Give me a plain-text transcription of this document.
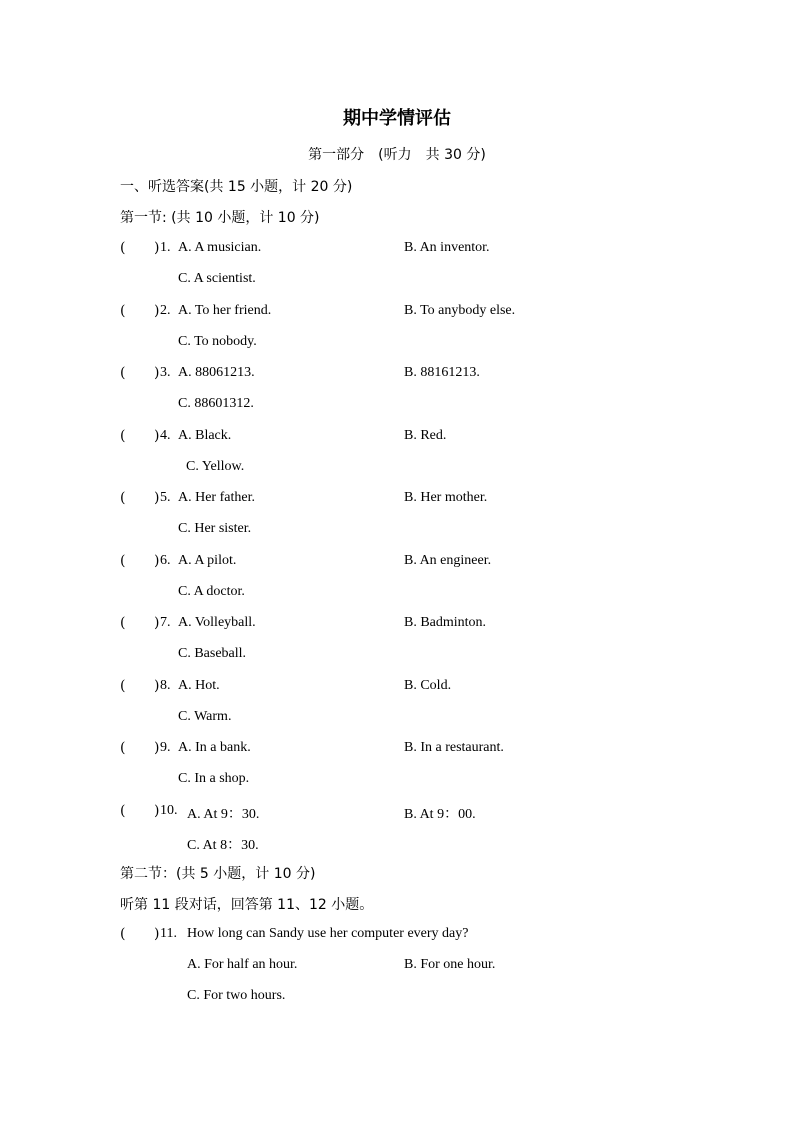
期中学情评估
第一部分　(听力　共 30 分)
一、听选答案(共 15 小题，计 20 分)
第一节: (共 10 小题，计 10 分)
( ) 1. A. A musician.	B. An inventor.
C. A scientist.
( ) 2. A. To her friend.	B. To anybody else.
C. To nobody.
( ) 3. A. 88061213.	B. 88161213.
C. 88601312.
( ) 4. A. Black.	B. Red.
C. Yellow.
( ) 5. A. Her father.	B. Her mother.
C. Her sister.
( ) 6. A. A pilot.	B. An engineer.
C. A doctor.
( ) 7. A. Volleyball.	B. Badminton.
C. Baseball.
( ) 8. A. Hot.	B. Cold.
C. Warm.
( ) 9. A. In a bank.	B. In a restaurant.
C. In a shop.
( ) 10. A. At 9：30.	B. At 9：00.
C. At 8：30.
第二节：(共 5 小题，计 10 分)
听第 11 段对话，回答第 11、12 小题。
( ) 11. How long can Sandy use her computer every day?
A. For half an hour.	B. For one hour.
C. For two hours.
